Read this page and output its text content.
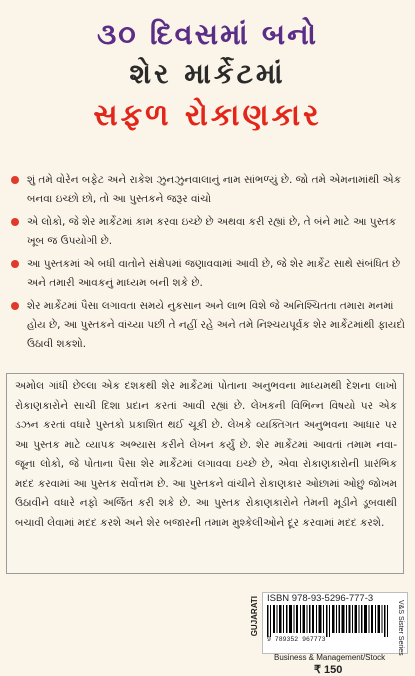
૩૦ દિવસમાં બનો
શેર માર્કેટમાં
સફળ રોકાણકાર
શું તમે વોરેન બફેટ અને રાકેશ ઝુનઝુનવાલાનું નામ સાંભળ્યું છે. જો તમે એમનામાંથી એક બનવા ઇચ્છો છો, તો આ પુસ્તકને જરૂર વાંચો
એ લોકો, જે શેર માર્કેટમાં કામ કરવા ઇચ્છે છે અથવા કરી રહ્યાં છે, તે બંને માટે આ પુસ્તક ખૂબ જ ઉપયોગી છે.
આ પુસ્તકમાં એ બધી વાતોને સંક્ષેપમાં જણાવવામાં આવી છે, જે શેર માર્કેટ સાથે સંબંધિત છે અને તમારી આવકનું માધ્યમ બની શકે છે.
શેર માર્કેટમાં પૈસા લગાવતા સમયે નુકસાન અને લાભ વિશે જે અનિશ્ચિતતા તમારા મનમાં હોય છે, આ પુસ્તકને વાંચ્યા પછી તે નહીં રહે અને તમે નિશ્ચયપૂર્વક શેર માર્કેટમાંથી ફાયદો ઉઠાવી શકશો.
અમોલ ગાંધી છેલ્લા એક દશકથી શેર માર્કેટમાં પોતાના અનુભવના માધ્યમથી દેશના લાખો રોકાણકારોને સાચી દિશા પ્રદાન કરતાં આવી રહ્યાં છે. લેખકની વિભિન્ન વિષયો પર એક ડઝન કરતાં વધારે પુસ્તકો પ્રકાશિત થઈ ચૂકી છે. લેખકે વ્યક્તિગત અનુભવના આધાર પર આ પુસ્તક માટે વ્યાપક અભ્યાસ કરીને લેખન કર્યું છે. શેર માર્કેટમાં આવતાં તમામ નવા-જૂના લોકો, જે પોતાના પૈસા શેર માર્કેટમાં લગાવવા ઇચ્છે છે, એવા રોકાણકારોની પ્રારંભિક મદદ કરવામાં આ પુસ્તક સર્વોત્તમ છે. આ પુસ્તકને વાંચીને રોકાણકાર ઓછામાં ઓછું જોખમ ઉઠાવીને વધારે નફો અર્જિત કરી શકે છે. આ પુસ્તક રોકાણકારોને તેમની મૂડીને ડૂબવાથી બચાવી લેવામાં મદદ કરશે અને શેર બજારની તમામ મુશ્કેલીઓને દૂર કરવામાં મદદ કરશે.
GUJARATI ISBN 978-93-5296-777-3
9 789352 967773	V&S Sister Series
Business & Management/Stock
₹ 150
